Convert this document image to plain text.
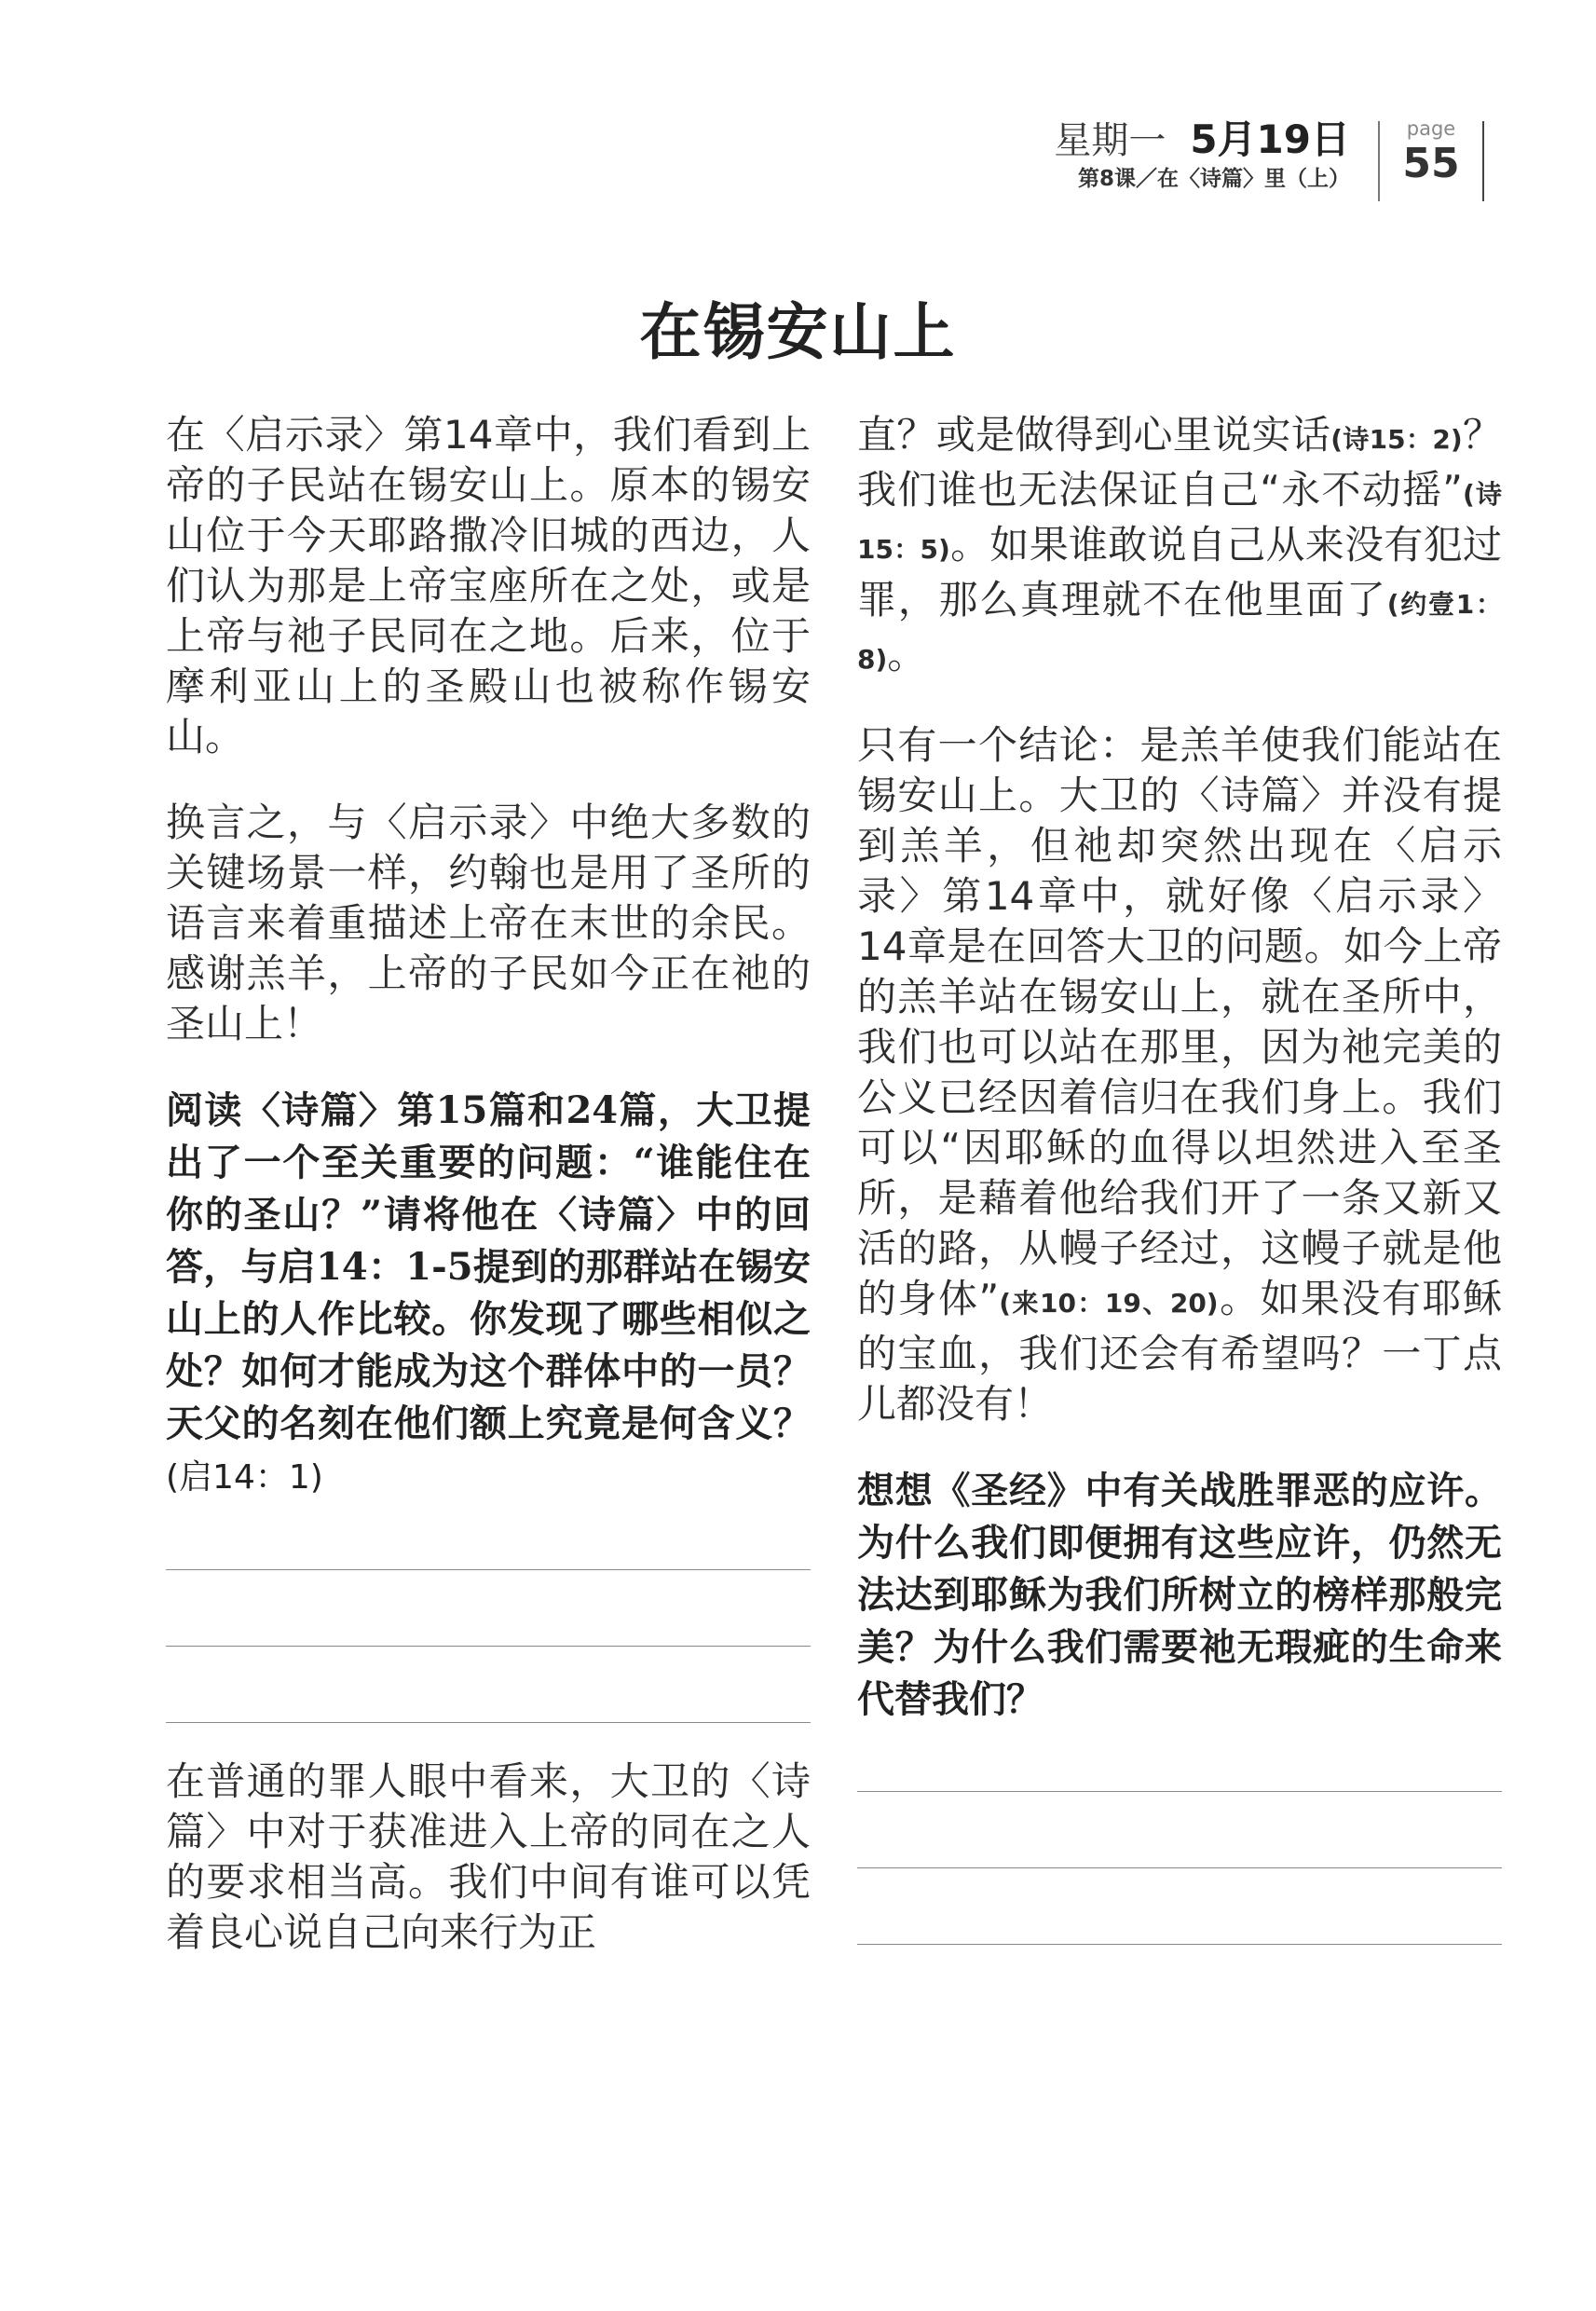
星期一 5月19日
第8课／在〈诗篇〉里（上）
page
55
在锡安山上

在〈启示录〉第14章中，我们看到上帝的子民站在锡安山上。原本的锡安山位于今天耶路撒冷旧城的西边，人们认为那是上帝宝座所在之处，或是上帝与祂子民同在之地。后来，位于摩利亚山上的圣殿山也被称作锡安山。

换言之，与〈启示录〉中绝大多数的关键场景一样，约翰也是用了圣所的语言来着重描述上帝在末世的余民。感谢羔羊，上帝的子民如今正在祂的圣山上！

阅读〈诗篇〉第15篇和24篇，大卫提出了一个至关重要的问题：“谁能住在你的圣山？”请将他在〈诗篇〉中的回答，与启14：1-5提到的那群站在锡安山上的人作比较。你发现了哪些相似之处？如何才能成为这个群体中的一员？天父的名刻在他们额上究竟是何含义？(启14：1)

在普通的罪人眼中看来，大卫的〈诗篇〉中对于获准进入上帝的同在之人的要求相当高。我们中间有谁可以凭着良心说自己向来行为正

直？或是做得到心里说实话(诗15：2)？我们谁也无法保证自己“永不动摇”(诗15：5)。如果谁敢说自己从来没有犯过罪，那么真理就不在他里面了(约壹1：8)。

只有一个结论：是羔羊使我们能站在锡安山上。大卫的〈诗篇〉并没有提到羔羊，但祂却突然出现在〈启示录〉第14章中，就好像〈启示录〉14章是在回答大卫的问题。如今上帝的羔羊站在锡安山上，就在圣所中，我们也可以站在那里，因为祂完美的公义已经因着信归在我们身上。我们可以“因耶稣的血得以坦然进入至圣所，是藉着他给我们开了一条又新又活的路，从幔子经过，这幔子就是他的身体”(来10：19、20)。如果没有耶稣的宝血，我们还会有希望吗？一丁点儿都没有！

想想《圣经》中有关战胜罪恶的应许。为什么我们即便拥有这些应许，仍然无法达到耶稣为我们所树立的榜样那般完美？为什么我们需要祂无瑕疵的生命来代替我们？
